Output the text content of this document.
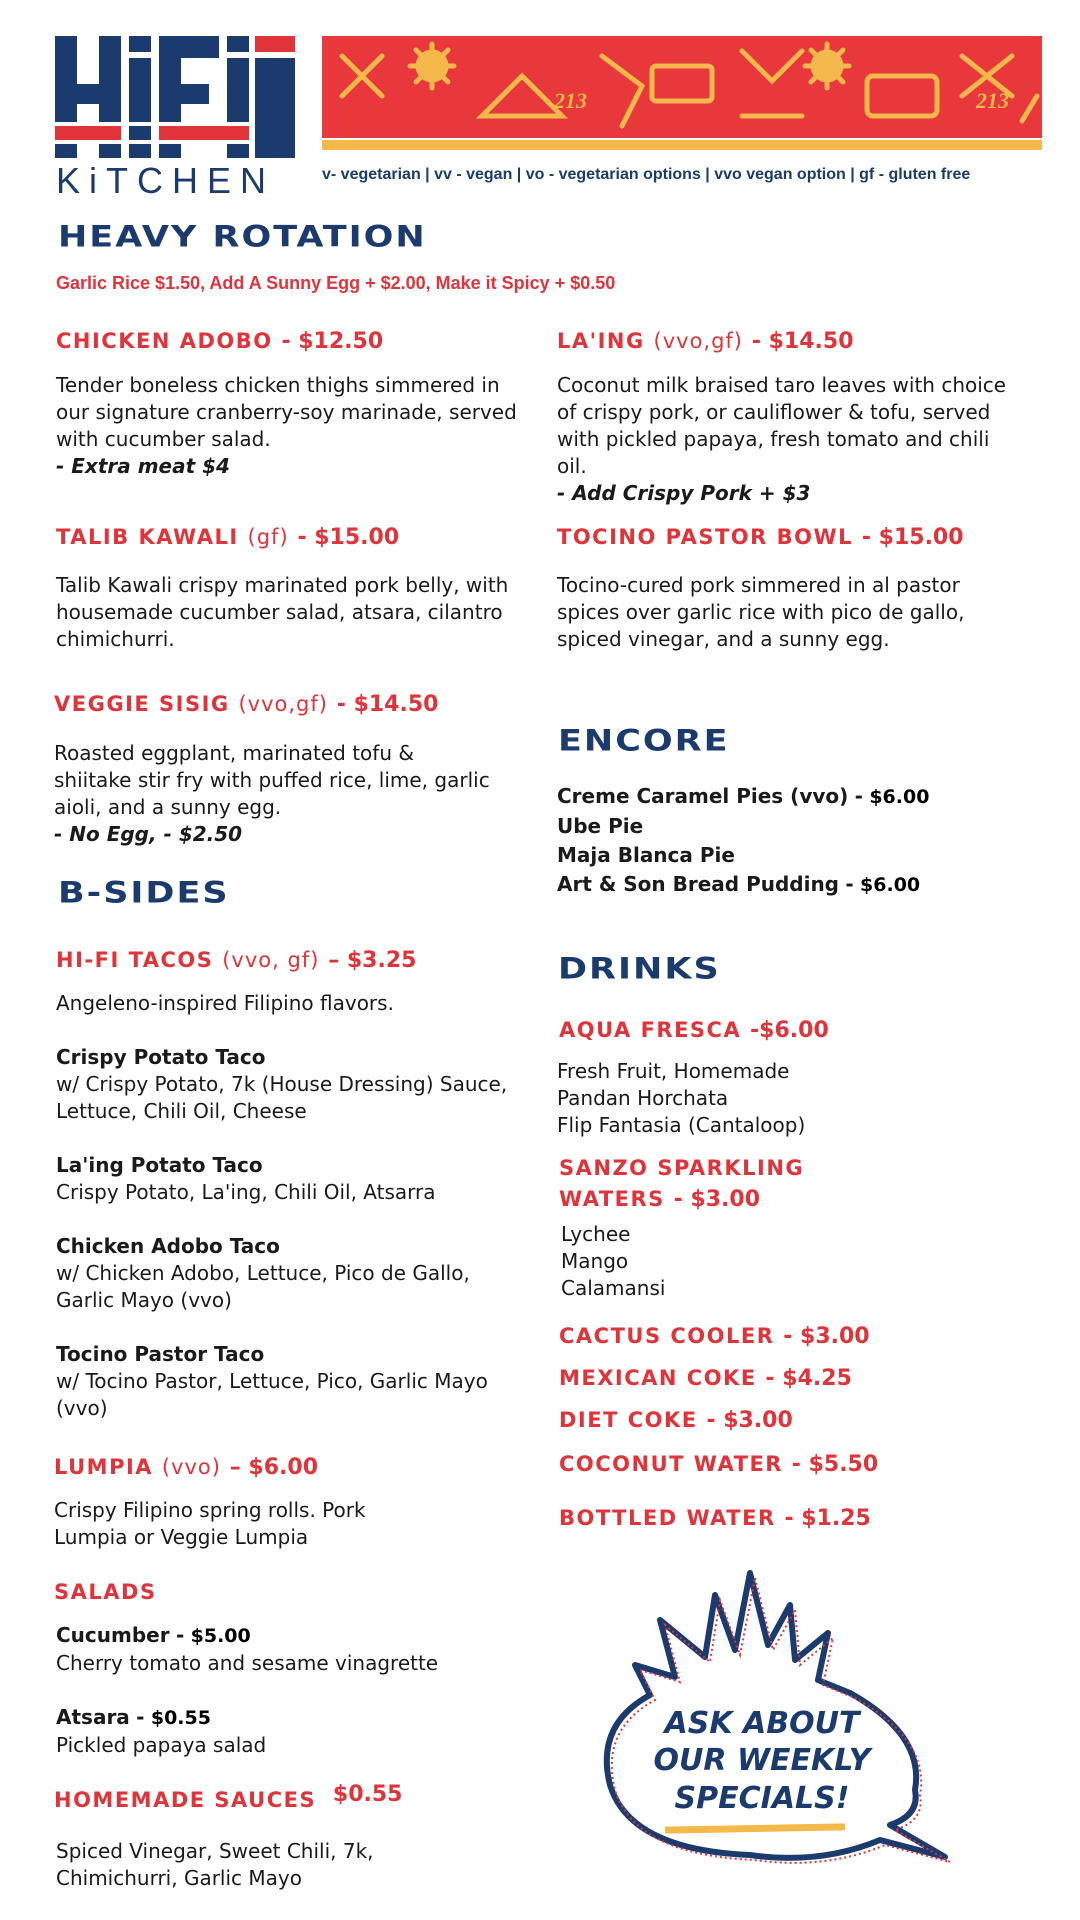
KiTCHEN
213	213
v- vegetarian | vv - vegan | vo - vegetarian options | vvo vegan option | gf - gluten free
HEAVY ROTATION
Garlic Rice $1.50, Add A Sunny Egg + $2.00, Make it Spicy + $0.50
CHICKEN ADOBO - $12.50
Tender boneless chicken thighs simmered in our signature cranberry-soy marinade, served with cucumber salad.
- Extra meat $4
TALIB KAWALI (gf) - $15.00
Talib Kawali crispy marinated pork belly, with housemade cucumber salad, atsara, cilantro chimichurri.
VEGGIE SISIG (vvo,gf) - $14.50
Roasted eggplant, marinated tofu & shiitake stir fry with puffed rice, lime, garlic aioli, and a sunny egg.
- No Egg, - $2.50
LA'ING (vvo,gf) - $14.50
Coconut milk braised taro leaves with choice of crispy pork, or cauliflower & tofu, served with pickled papaya, fresh tomato and chili oil.
- Add Crispy Pork + $3
TOCINO PASTOR BOWL - $15.00
Tocino-cured pork simmered in al pastor spices over garlic rice with pico de gallo, spiced vinegar, and a sunny egg.
B-SIDES
HI-FI TACOS (vvo, gf) – $3.25
Angeleno-inspired Filipino flavors.
Crispy Potato Taco
w/ Crispy Potato, 7k (House Dressing) Sauce, Lettuce, Chili Oil, Cheese
La'ing Potato Taco
Crispy Potato, La'ing, Chili Oil, Atsarra
Chicken Adobo Taco
w/ Chicken Adobo, Lettuce, Pico de Gallo, Garlic Mayo (vvo)
Tocino Pastor Taco
w/ Tocino Pastor, Lettuce, Pico, Garlic Mayo (vvo)
LUMPIA (vvo) – $6.00
Crispy Filipino spring rolls. Pork Lumpia or Veggie Lumpia
SALADS
Cucumber - $5.00
Cherry tomato and sesame vinagrette
Atsara - $0.55
Pickled papaya salad
HOMEMADE SAUCES $0.55
Spiced Vinegar, Sweet Chili, 7k, Chimichurri, Garlic Mayo
ENCORE
Creme Caramel Pies (vvo) - $6.00
Ube Pie
Maja Blanca Pie
Art & Son Bread Pudding - $6.00
DRINKS
AQUA FRESCA -$6.00
Fresh Fruit, Homemade
Pandan Horchata
Flip Fantasia (Cantaloop)
SANZO SPARKLING
WATERS - $3.00
Lychee
Mango
Calamansi
CACTUS COOLER - $3.00
MEXICAN COKE - $4.25
DIET COKE - $3.00
COCONUT WATER - $5.50
BOTTLED WATER - $1.25
ASK ABOUT
OUR WEEKLY
SPECIALS!
